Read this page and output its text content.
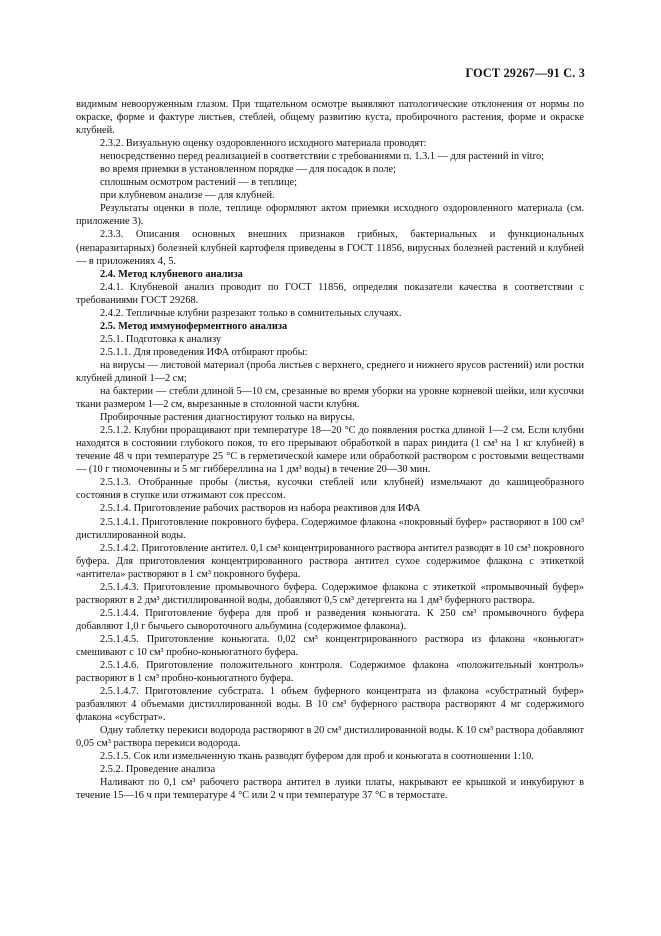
ГОСТ 29267—91 С. 3

видимым невооруженным глазом. При тщательном осмотре выявляют патологические отклонения от нормы по окраске, форме и фактуре листьев, стеблей, общему развитию куста, пробирочного растения, форме и окраске клубней.

2.3.2. Визуальную оценку оздоровленного исходного материала проводят:

непосредственно перед реализацией в соответствии с требованиями п. 1.3.1 — для растений in vitro;

во время приемки в установленном порядке — для посадок в поле;

сплошным осмотром растений — в теплице;

при клубневом анализе — для клубней.

Результаты оценки в поле, теплице оформляют актом приемки исходного оздоровленного материала (см. приложение 3).

2.3.3. Описания основных внешних признаков грибных, бактериальных и функциональных (непаразитарных) болезней клубней картофеля приведены в ГОСТ 11856, вирусных болезней растений и клубней — в приложениях 4, 5.

2.4. Метод клубневого анализа

2.4.1. Клубневой анализ проводит по ГОСТ 11856, определяя показатели качества в соответствии с требованиями ГОСТ 29268.

2.4.2. Тепличные клубни разрезают только в сомнительных случаях.

2.5. Метод иммуноферментного анализа

2.5.1. Подготовка к анализу

2.5.1.1. Для проведения ИФА отбирают пробы:

на вирусы — листовой материал (проба листьев с верхнего, среднего и нижнего ярусов растений) или ростки клубней длиной 1—2 см;

на бактерии — стебли длиной 5—10 см, срезанные во время уборки на уровне корневой шейки, или кусочки ткани размером 1—2 см, вырезанные в столонной части клубня.

Пробирочные растения диагностируют только на вирусы.

2.5.1.2. Клубни проращивают при температуре 18—20 °С до появления ростка длиной 1—2 см. Если клубни находятся в состоянии глубокого покоя, то его прерывают обработкой в парах риндита (1 см³ на 1 кг клубней) в течение 48 ч при температуре 25 °С в герметической камере или обработкой раствором с ростовыми веществами — (10 г тиомочевины и 5 мг гиббереллина на 1 дм³ воды) в течение 20—30 мин.

2.5.1.3. Отобранные пробы (листья, кусочки стеблей или клубней) измельчают до кашицеобразного состояния в ступке или отжимают сок прессом.

2.5.1.4. Приготовление рабочих растворов из набора реактивов для ИФА

2.5.1.4.1. Приготовление покровного буфера. Содержимое флакона «покровный буфер» растворяют в 100 см³ дистиллированной воды.

2.5.1.4.2. Приготовление антител. 0,1 см³ концентрированного раствора антител разводят в 10 см³ покровного буфера. Для приготовления концентрированного раствора антител сухое содержимое флакона с этикеткой «антитела» растворяют в 1 см³ покровного буфера.

2.5.1.4.3. Приготовление промывочного буфера. Содержимое флакона с этикеткой «промывочный буфер» растворяют в 2 дм³ дистиллированной воды, добавляют 0,5 см³ детергента на 1 дм³ буферного раствора.

2.5.1.4.4. Приготовление буфера для проб и разведения коньюгата. К 250 см³ промывочного буфера добавляют 1,0 г бычьего сывороточного альбумина (содержимое флакона).

2.5.1.4.5. Приготовление коньюгата. 0,02 см³ концентрированного раствора из флакона «коньюгат» смешивают с 10 см³ пробно-коньюгатного буфера.

2.5.1.4.6. Приготовление положительного контроля. Содержимое флакона «положительный контроль» растворяют в 1 см³ пробно-коньюгатного буфера.

2.5.1.4.7. Приготовление субстрата. 1 объем буферного концентрата из флакона «субстратный буфер» разбавляют 4 объемами дистиллированной воды. В 10 см³ буферного раствора растворяют 4 мг содержимого флакона «субстрат».

Одну таблетку перекиси водорода растворяют в 20 см³ дистиллированной воды. К 10 см³ раствора добавляют 0,05 см³ раствора перекиси водорода.

2.5.1.5. Сок или измельченную ткань разводят буфером для проб и коньюгата в соотношении 1:10.

2.5.2. Проведение анализа

Наливают по 0,1 см³ рабочего раствора антител в луики платы, накрывают ее крышкой и инкубируют в течение 15—16 ч при температуре 4 °С или 2 ч при температуре 37 °С в термостате.
